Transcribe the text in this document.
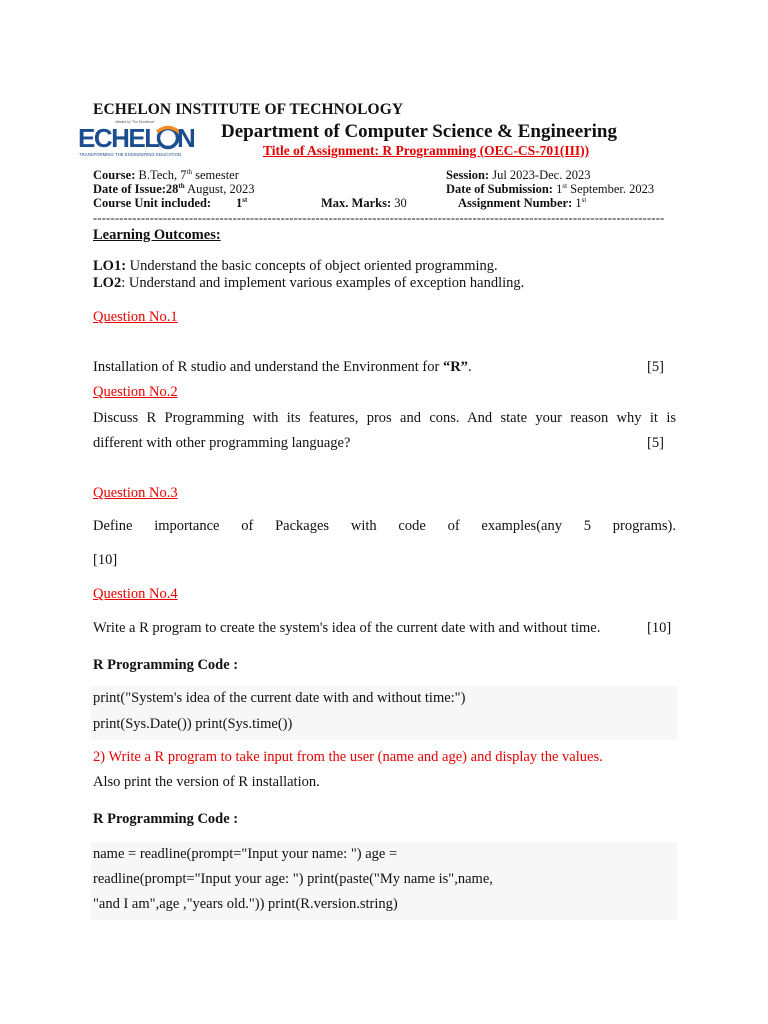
ECHELON INSTITUTE OF TECHNOLOGY
ECHEL N
Initiated by "The Excellence"
TRANSFORMING THE ENGINEERING EDUCATION
Department of Computer Science & Engineering
Title of Assignment: R Programming (OEC-CS-701(III))
Course: B.Tech, 7th semester	Session: Jul 2023-Dec. 2023
Date of Issue:28th August, 2023	Date of Submission: 1st September. 2023
Course Unit included: 1st	Max. Marks: 30	Assignment Number: 1st
-----------------------------------------------------------------------------------------------------------------------------------
Learning Outcomes:
LO1: Understand the basic concepts of object oriented programming.
LO2: Understand and implement various examples of exception handling.
Question No.1
Installation of R studio and understand the Environment for “R”.	[5]
Question No.2
Discuss R Programming with its features, pros and cons. And state your reason why it is
different with other programming language?	[5]
Question No.3
Define importance of Packages with code of examples(any 5 programs).
[10]
Question No.4
Write a R program to create the system's idea of the current date with and without time.	[10]
R Programming Code :
print("System's idea of the current date with and without time:")
print(Sys.Date()) print(Sys.time())
2) Write a R program to take input from the user (name and age) and display the values.
Also print the version of R installation.
R Programming Code :
name = readline(prompt="Input your name: ") age =
readline(prompt="Input your age: ") print(paste("My name is",name,
"and I am",age ,"years old.")) print(R.version.string)
